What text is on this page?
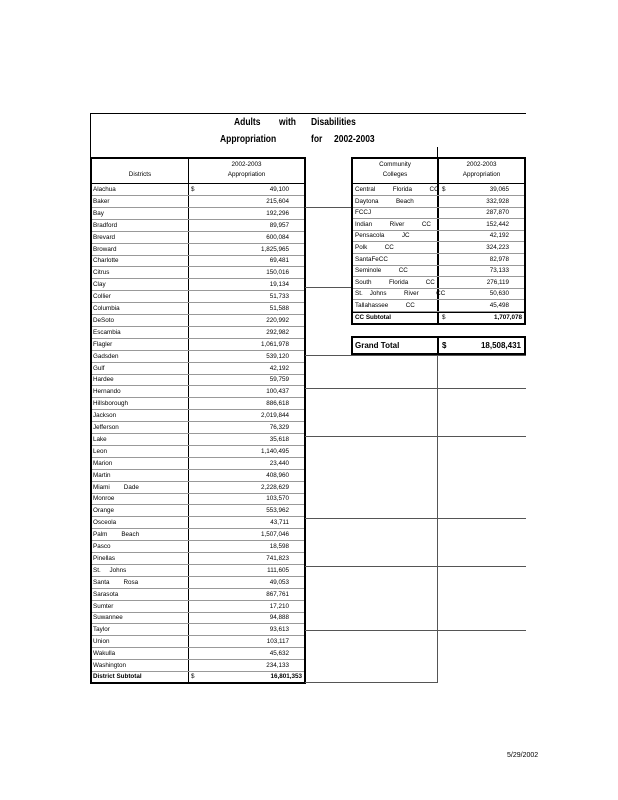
Adults with Disabilities
Appropriation	for 2002-2003
Districts
2002-2003
Appropriation
$
Alachua	49,100
Baker	215,604
Bay	192,296
Bradford	89,957
Brevard	600,084
Broward	1,825,965
Charlotte	69,481
Citrus	150,016
Clay	19,134
Collier	51,733
Columbia	51,588
DeSoto	220,992
Escambia	292,982
Flagler	1,061,978
Gadsden	539,120
Gulf	42,192
Hardee	59,759
Hernando	100,437
Hillsborough	886,618
Jackson	2,019,844
Jefferson	76,329
Lake	35,618
Leon	1,140,495
Marion	23,440
Martin	408,960
Miami        Dade	2,228,629
Monroe	103,570
Orange	553,962
Osceola	43,711
Palm        Beach	1,507,046
Pasco	18,598
Pinellas	741,823
St.     Johns	111,605
Santa        Rosa	49,053
Sarasota	867,761
Sumter	17,210
Suwannee	94,888
Taylor	93,613
Union	103,117
Wakulla	45,632
Washington	234,133
District Subtotal	$	16,801,353
Community
Colleges
2002-2003
Appropriation
$
Central          Florida          CC	39,065
Daytona          Beach	332,928
FCCJ	287,870
Indian          River          CC	152,442
Pensacola          JC	42,192
Polk          CC	324,223
SantaFeCC	82,978
Seminole          CC	73,133
South          Florida          CC	276,119
St.    Johns          River          CC	50,630
Tallahassee          CC	45,498
CC Subtotal	$	1,707,078
Grand Total	$	18,508,431
5/29/2002
